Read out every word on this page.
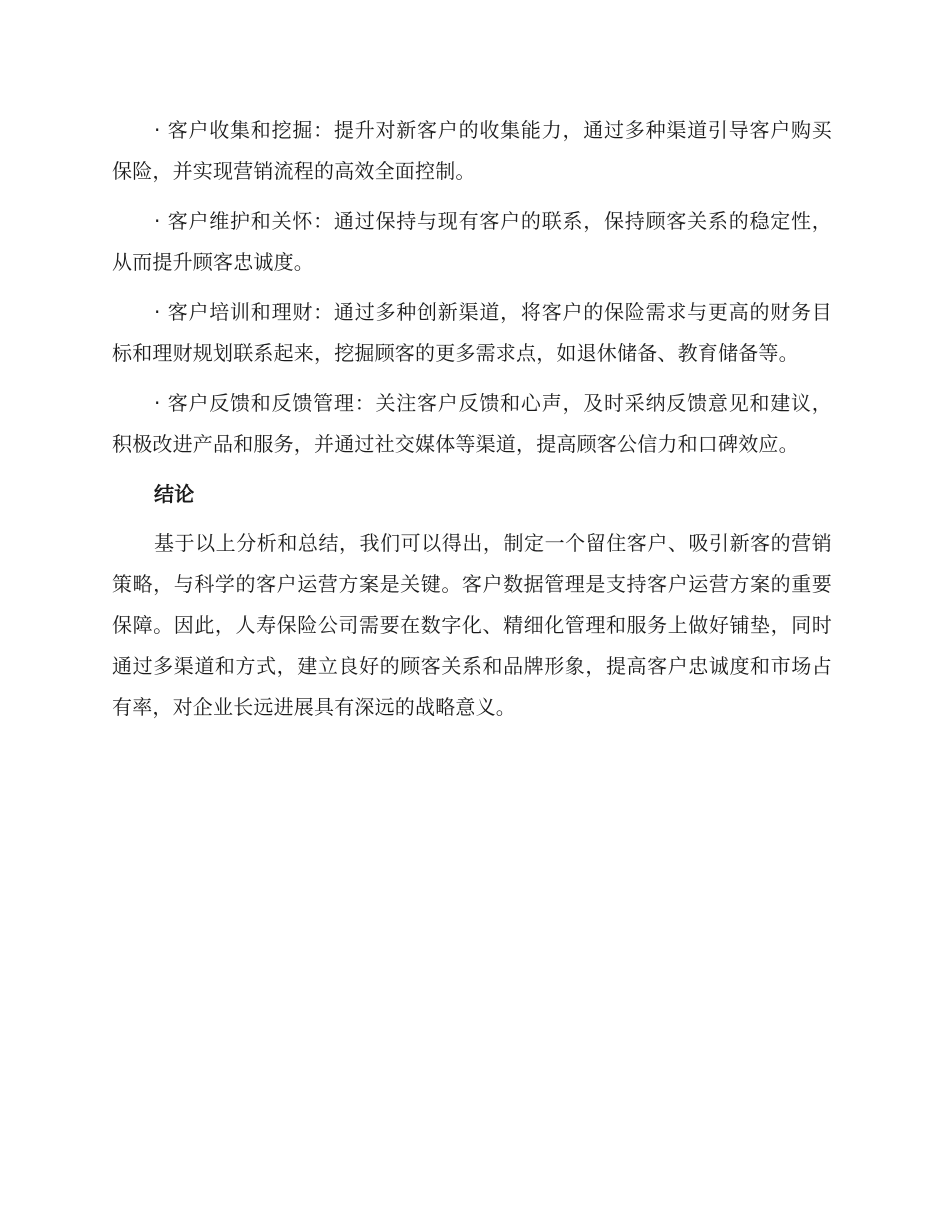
· 客户收集和挖掘：提升对新客户的收集能力，通过多种渠道引导客户购买保险，并实现营销流程的高效全面控制。

· 客户维护和关怀：通过保持与现有客户的联系，保持顾客关系的稳定性，从而提升顾客忠诚度。

· 客户培训和理财：通过多种创新渠道，将客户的保险需求与更高的财务目标和理财规划联系起来，挖掘顾客的更多需求点，如退休储备、教育储备等。

· 客户反馈和反馈管理：关注客户反馈和心声，及时采纳反馈意见和建议，积极改进产品和服务，并通过社交媒体等渠道，提高顾客公信力和口碑效应。

结论

基于以上分析和总结，我们可以得出，制定一个留住客户、吸引新客的营销策略，与科学的客户运营方案是关键。客户数据管理是支持客户运营方案的重要保障。因此，人寿保险公司需要在数字化、精细化管理和服务上做好铺垫，同时通过多渠道和方式，建立良好的顾客关系和品牌形象，提高客户忠诚度和市场占有率，对企业长远进展具有深远的战略意义。
